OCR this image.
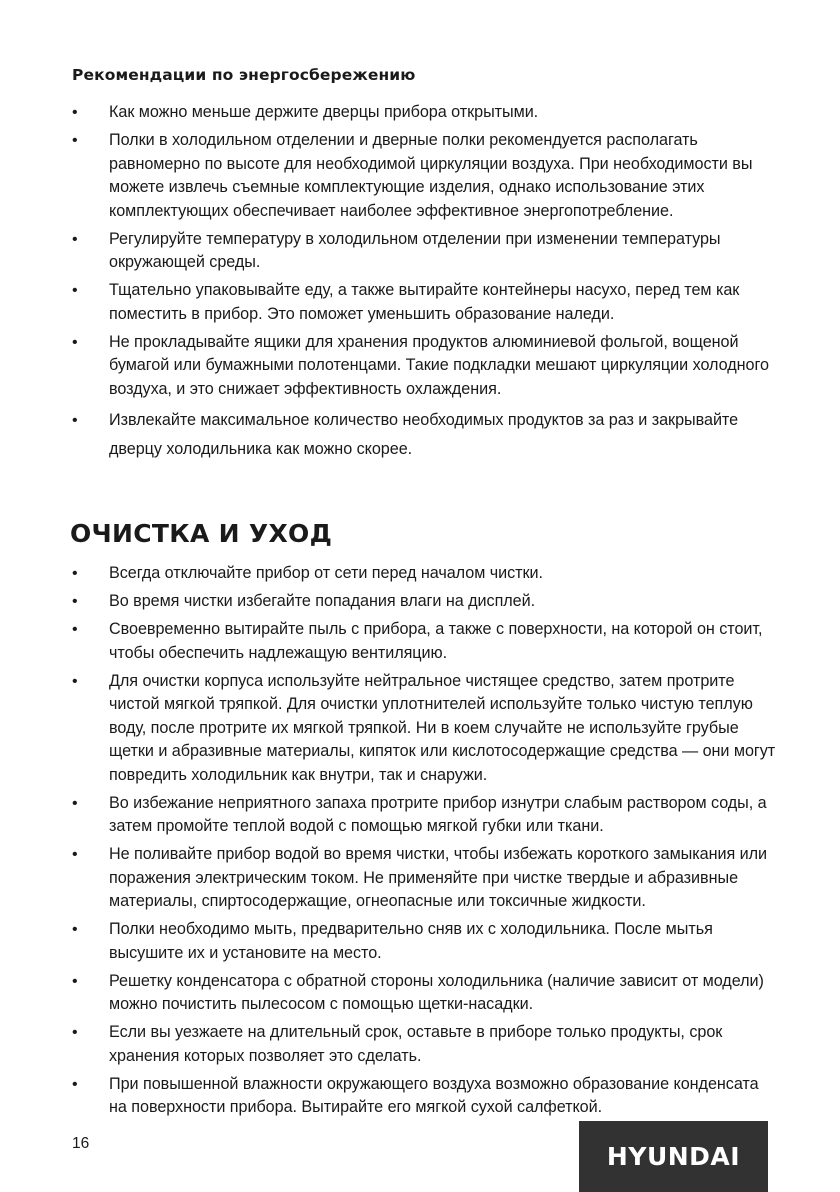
Рекомендации по энергосбережению
• Как можно меньше держите дверцы прибора открытыми.
• Полки в холодильном отделении и дверные полки рекомендуется располагать равномерно по высоте для необходимой циркуляции воздуха. При необходимости вы можете извлечь съемные комплектующие изделия, однако использование этих комплектующих обеспечивает наиболее эффективное энергопотребление.
• Регулируйте температуру в холодильном отделении при изменении температуры окружающей среды.
• Тщательно упаковывайте еду, а также вытирайте контейнеры насухо, перед тем как поместить в прибор. Это поможет уменьшить образование наледи.
• Не прокладывайте ящики для хранения продуктов алюминиевой фольгой, вощеной бумагой или бумажными полотенцами. Такие подкладки мешают циркуляции холодного воздуха, и это снижает эффективность охлаждения.
• Извлекайте максимальное количество необходимых продуктов за раз и закрывайте дверцу холодильника как можно скорее.
ОЧИСТКА И УХОД
• Всегда отключайте прибор от сети перед началом чистки.
• Во время чистки избегайте попадания влаги на дисплей.
• Своевременно вытирайте пыль с прибора, а также с поверхности, на которой он стоит, чтобы обеспечить надлежащую вентиляцию.
• Для очистки корпуса используйте нейтральное чистящее средство, затем протрите чистой мягкой тряпкой. Для очистки уплотнителей используйте только чистую теплую воду, после протрите их мягкой тряпкой. Ни в коем случайте не используйте грубые щетки и абразивные материалы, кипяток или кислотосодержащие средства — они могут повредить холодильник как внутри, так и снаружи.
• Во избежание неприятного запаха протрите прибор изнутри слабым раствором соды, а затем промойте теплой водой с помощью мягкой губки или ткани.
• Не поливайте прибор водой во время чистки, чтобы избежать короткого замыкания или поражения электрическим током. Не применяйте при чистке твердые и абразивные материалы, спиртосодержащие, огнеопасные или токсичные жидкости.
• Полки необходимо мыть, предварительно сняв их с холодильника. После мытья высушите их и установите на место.
• Решетку конденсатора с обратной стороны холодильника (наличие зависит от модели) можно почистить пылесосом с помощью щетки-насадки.
• Если вы уезжаете на длительный срок, оставьте в приборе только продукты, срок хранения которых позволяет это сделать.
• При повышенной влажности окружающего воздуха возможно образование конденсата на поверхности прибора. Вытирайте его мягкой сухой салфеткой.
16	HYUNDAI
